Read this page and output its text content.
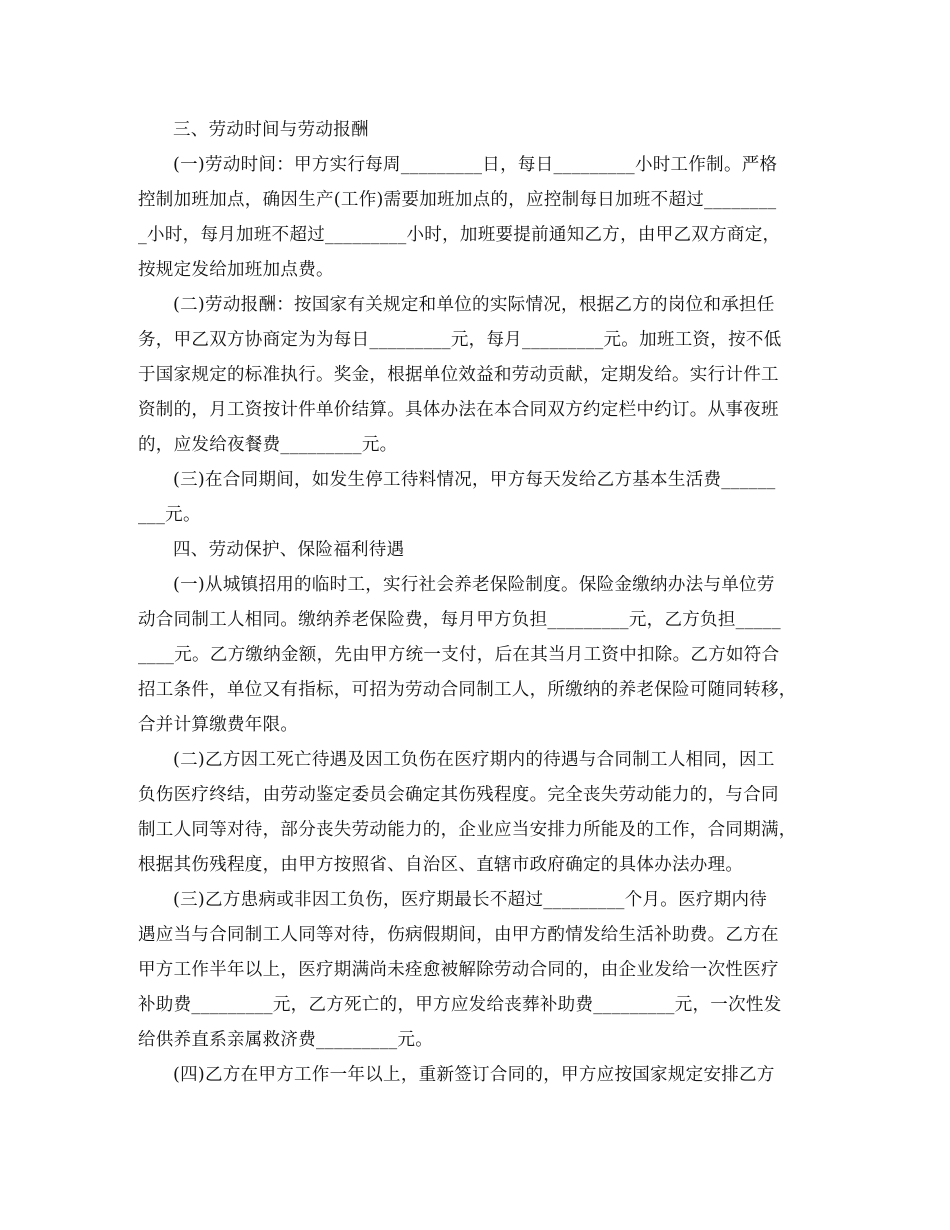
三、劳动时间与劳动报酬
(一)劳动时间：甲方实行每周_________日，每日_________小时工作制。严格
控制加班加点，确因生产(工作)需要加班加点的，应控制每日加班不超过________
_小时，每月加班不超过_________小时，加班要提前通知乙方，由甲乙双方商定，
按规定发给加班加点费。
(二)劳动报酬：按国家有关规定和单位的实际情况，根据乙方的岗位和承担任
务，甲乙双方协商定为为每日_________元，每月_________元。加班工资，按不低
于国家规定的标准执行。奖金，根据单位效益和劳动贡献，定期发给。实行计件工
资制的，月工资按计件单价结算。具体办法在本合同双方约定栏中约订。从事夜班
的，应发给夜餐费_________元。
(三)在合同期间，如发生停工待料情况，甲方每天发给乙方基本生活费______
___元。
四、劳动保护、保险福利待遇
(一)从城镇招用的临时工，实行社会养老保险制度。保险金缴纳办法与单位劳
动合同制工人相同。缴纳养老保险费，每月甲方负担_________元，乙方负担_____
____元。乙方缴纳金额，先由甲方统一支付，后在其当月工资中扣除。乙方如符合
招工条件，单位又有指标，可招为劳动合同制工人，所缴纳的养老保险可随同转移，
合并计算缴费年限。
(二)乙方因工死亡待遇及因工负伤在医疗期内的待遇与合同制工人相同，因工
负伤医疗终结，由劳动鉴定委员会确定其伤残程度。完全丧失劳动能力的，与合同
制工人同等对待，部分丧失劳动能力的，企业应当安排力所能及的工作，合同期满，
根据其伤残程度，由甲方按照省、自治区、直辖市政府确定的具体办法办理。
(三)乙方患病或非因工负伤，医疗期最长不超过_________个月。医疗期内待
遇应当与合同制工人同等对待，伤病假期间，由甲方酌情发给生活补助费。乙方在
甲方工作半年以上，医疗期满尚未痊愈被解除劳动合同的，由企业发给一次性医疗
补助费_________元，乙方死亡的，甲方应发给丧葬补助费_________元，一次性发
给供养直系亲属救济费_________元。
(四)乙方在甲方工作一年以上，重新签订合同的，甲方应按国家规定安排乙方
